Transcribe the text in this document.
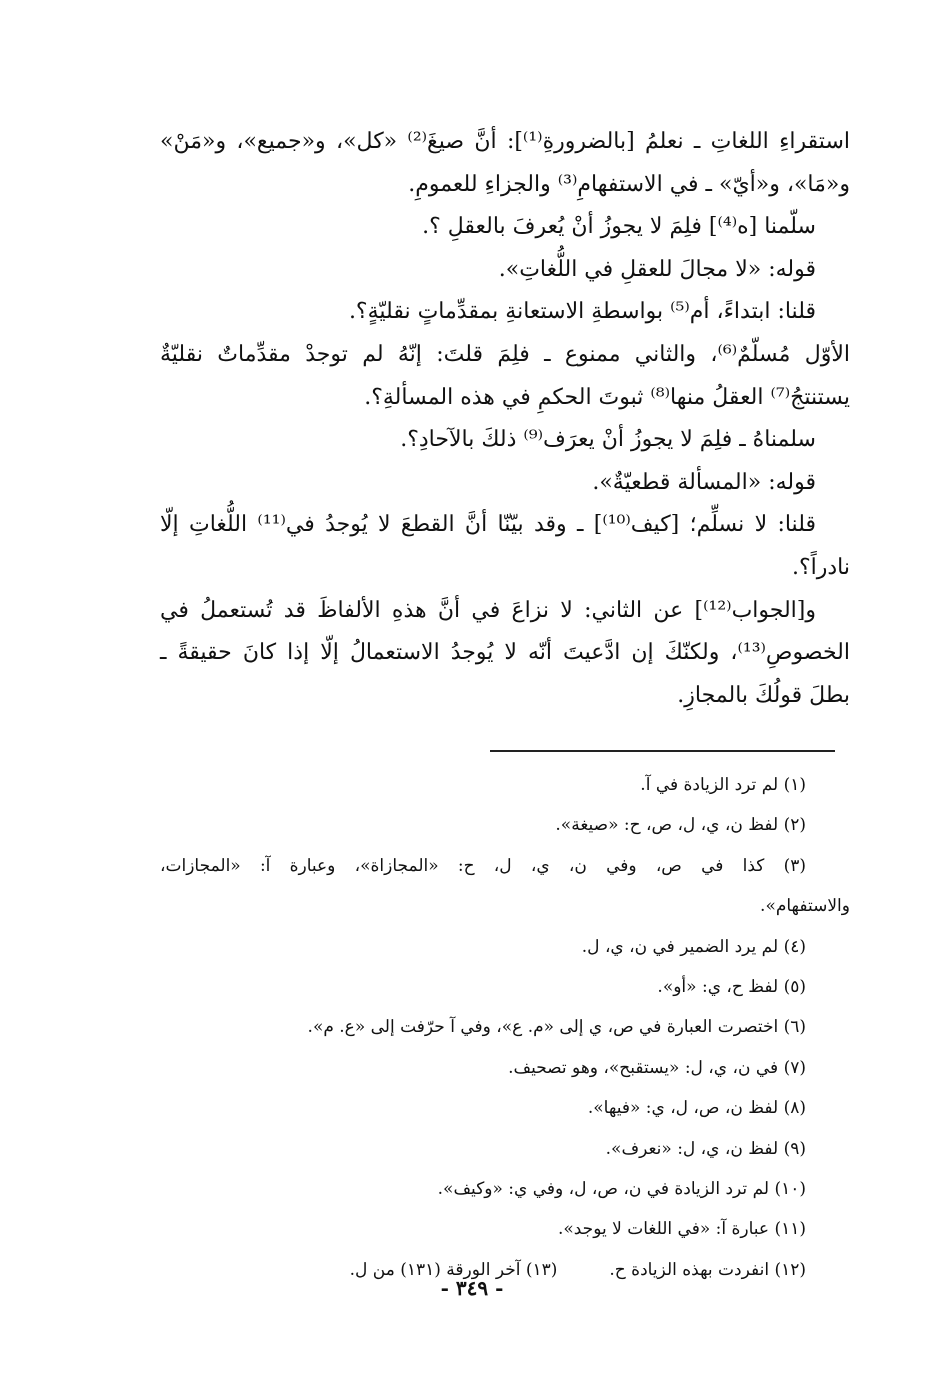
استقراءِ اللغاتِ ـ نعلمُ [بالضرورةِ⁽¹⁾]: أنَّ صيغَ⁽²⁾ «كل»، و«جميع»، و«مَنْ»
و«مَا»، و«أيّ» ـ في الاستفهامِ⁽³⁾ والجزاءِ للعمومِ.
سلّمنا [ه⁽⁴⁾] فلِمَ لا يجوزُ أنْ يُعرفَ بالعقلِ ؟.
قوله: «لا مجالَ للعقلِ في اللُّغاتِ».
قلنا: ابتداءً، أم⁽⁵⁾ بواسطةِ الاستعانةِ بمقدِّماتٍ نقليّةٍ؟.
الأوّل مُسلّمٌ⁽⁶⁾، والثاني ممنوع ـ فلِمَ قلتَ: إنّهُ لم توجدْ مقدِّماتٌ نقليّةٌ
يستنتجُ⁽⁷⁾ العقلُ منها⁽⁸⁾ ثبوتَ الحكمِ في هذه المسألةِ؟.
سلمناهُ ـ فلِمَ لا يجوزُ أنْ يعرَف⁽⁹⁾ ذلكَ بالآحادِ؟.
قوله: «المسألة قطعيّةٌ».
قلنا: لا نسلِّم؛ [كيف⁽¹⁰⁾] ـ وقد بيّنّا أنَّ القطعَ لا يُوجدُ في⁽¹¹⁾ اللُّغاتِ إلّا
نادراً؟.
و[الجواب⁽¹²⁾] عن الثاني: لا نزاعَ في أنَّ هذهِ الألفاظَ قد تُستعملُ في
الخصوصِ⁽¹³⁾، ولكنّكَ إن ادَّعيتَ أنّه لا يُوجدُ الاستعمالُ إلّا إذا كانَ حقيقةً ـ
بطلَ قولُكَ بالمجازِ.
(١) لم ترد الزيادة في آ.
(٢) لفظ ن، ي، ل، ص، ح: «صيغة».
(٣) كذا في ص، وفي ن، ي، ل، ح: «المجازاة»، وعبارة آ: «المجازات،
والاستفهام».
(٤) لم يرد الضمير في ن، ي، ل.
(٥) لفظ ح، ي: «أو».
(٦) اختصرت العبارة في ص، ي إلى «م. ع»، وفي آ حرّفت إلى «ع. م».
(٧) في ن، ي، ل: «يستقبح»، وهو تصحيف.
(٨) لفظ ن، ص، ل، ي: «فيها».
(٩) لفظ ن، ي، ل: «نعرف».
(١٠) لم ترد الزيادة في ن، ص، ل، وفي ي: «وكيف».
(١١) عبارة آ: «في اللغات لا يوجد».
(١٢) انفردت بهذه الزيادة ح.
(١٣) آخر الورقة (١٣١) من ل.
- ٣٤٩ -
